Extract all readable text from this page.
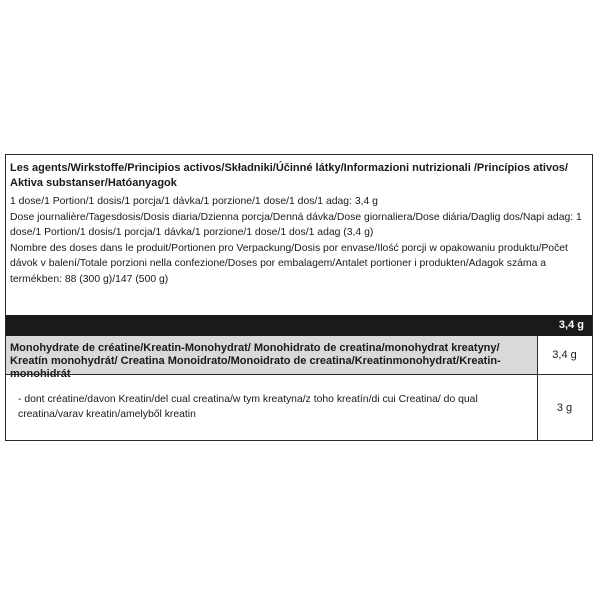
Les agents/Wirkstoffe/Principios activos/Składniki/Účinné látky/Informazioni nutrizionali /Princípios ativos/ Aktiva substanser/Hatóanyagok
1 dose/1 Portion/1 dosis/1 porcja/1 dávka/1 porzione/1 dose/1 dos/1 adag: 3,4 g
Dose journalière/Tagesdosis/Dosis diaria/Dzienna porcja/Denná dávka/Dose giornaliera/Dose diária/Daglig dos/Napi adag: 1 dose/1 Portion/1 dosis/1 porcja/1 dávka/1 porzione/1 dose/1 dos/1 adag (3,4 g)
Nombre des doses dans le produit/Portionen pro Verpackung/Dosis por envase/Ilość porcji w opakowaniu produktu/Počet dávok v balení/Totale porzioni nella confezione/Doses por embalagem/Antalet portioner i produkten/Adagok száma a termékben: 88 (300 g)/147 (500 g)
3,4 g
Monohydrate de créatine/Kreatin-Monohydrat/ Monohidrato de creatina/monohydrat kreatyny/ Kreatín monohydrát/ Creatina Monoidrato/Monoidrato de creatina/Kreatinmonohydrat/Kreatin-monohidrát
3,4 g
- dont créatine/davon Kreatin/del cual creatina/w tym kreatyna/z toho kreatín/di cui Creatina/ do qual creatina/varav kreatin/amelyből kreatin
3 g
